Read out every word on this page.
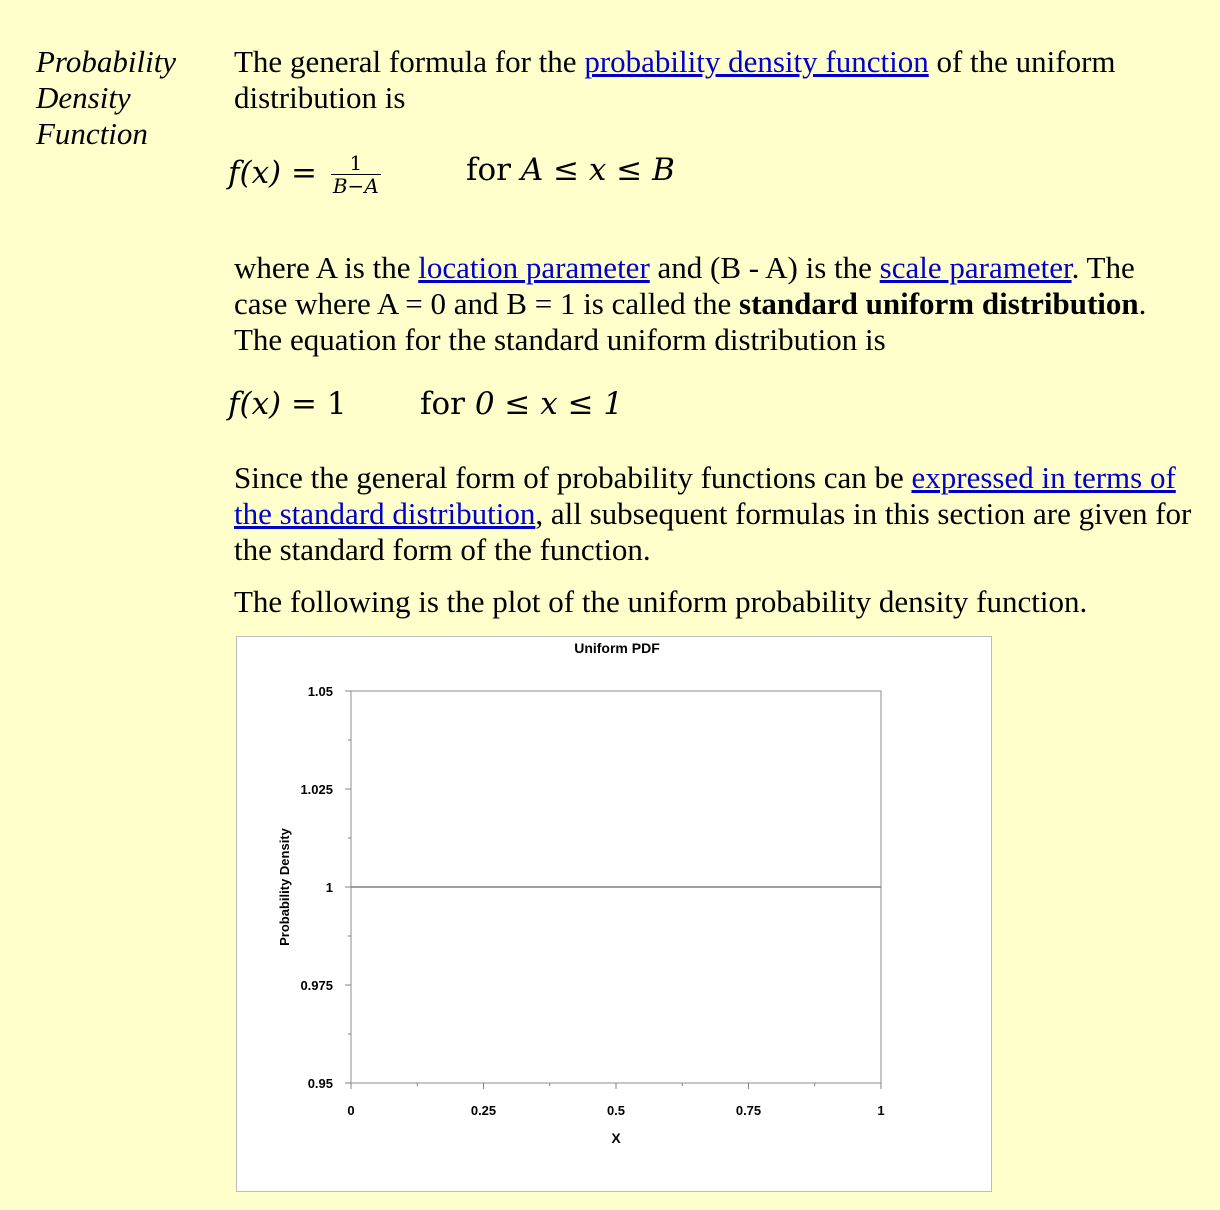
Probability
Density
Function

The general formula for the probability density function of the uniform distribution is

$f(x) = \frac{1}{B-A}$	for A ≤ x ≤ B

where A is the location parameter and (B - A) is the scale parameter. The case where A = 0 and B = 1 is called the standard uniform distribution. The equation for the standard uniform distribution is

f(x) = 1 for 0 ≤ x ≤ 1

Since the general form of probability functions can be expressed in terms of the standard distribution, all subsequent formulas in this section are given for the standard form of the function.

The following is the plot of the uniform probability density function.

Uniform PDF
0.95
0.975
1
1.025
1.05
0	0.25	0.5	0.75	1
X
Probability Density
